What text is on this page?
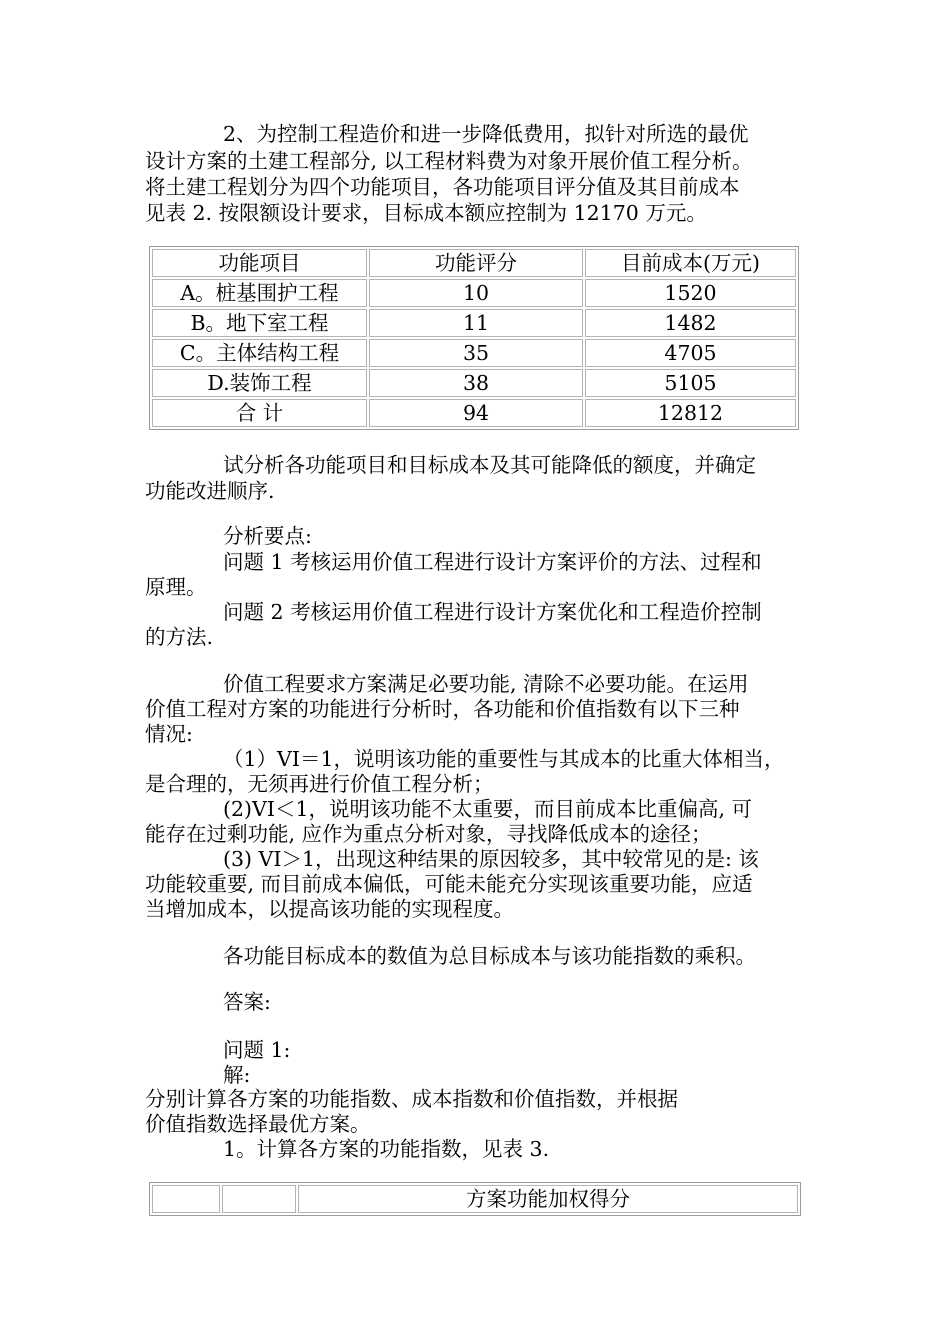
2、为控制工程造价和进一步降低费用，拟针对所选的最优
设计方案的土建工程部分, 以工程材料费为对象开展价值工程分析。
将土建工程划分为四个功能项目，各功能项目评分值及其目前成本
见表 2. 按限额设计要求，目标成本额应控制为 12170 万元。
功能项目	功能评分	目前成本(万元)
A。桩基围护工程	10	1520
B。地下室工程	11	1482
C。主体结构工程	35	4705
D.装饰工程	38	5105
合 计	94	12812
试分析各功能项目和目标成本及其可能降低的额度，并确定
功能改进顺序.
分析要点:
问题 1 考核运用价值工程进行设计方案评价的方法、过程和
原理。
问题 2 考核运用价值工程进行设计方案优化和工程造价控制
的方法.
价值工程要求方案满足必要功能, 清除不必要功能。在运用
价值工程对方案的功能进行分析时，各功能和价值指数有以下三种
情况:
（1）VI＝1，说明该功能的重要性与其成本的比重大体相当，
是合理的，无须再进行价值工程分析；
(2)VI＜1，说明该功能不太重要，而目前成本比重偏高, 可
能存在过剩功能, 应作为重点分析对象，寻找降低成本的途径；
(3) VI＞1，出现这种结果的原因较多，其中较常见的是: 该
功能较重要, 而目前成本偏低，可能未能充分实现该重要功能，应适
当增加成本，以提高该功能的实现程度。
各功能目标成本的数值为总目标成本与该功能指数的乘积。
答案:
问题 1:
解:
分别计算各方案的功能指数、成本指数和价值指数，并根据
价值指数选择最优方案。
1。计算各方案的功能指数，见表 3.
		方案功能加权得分
